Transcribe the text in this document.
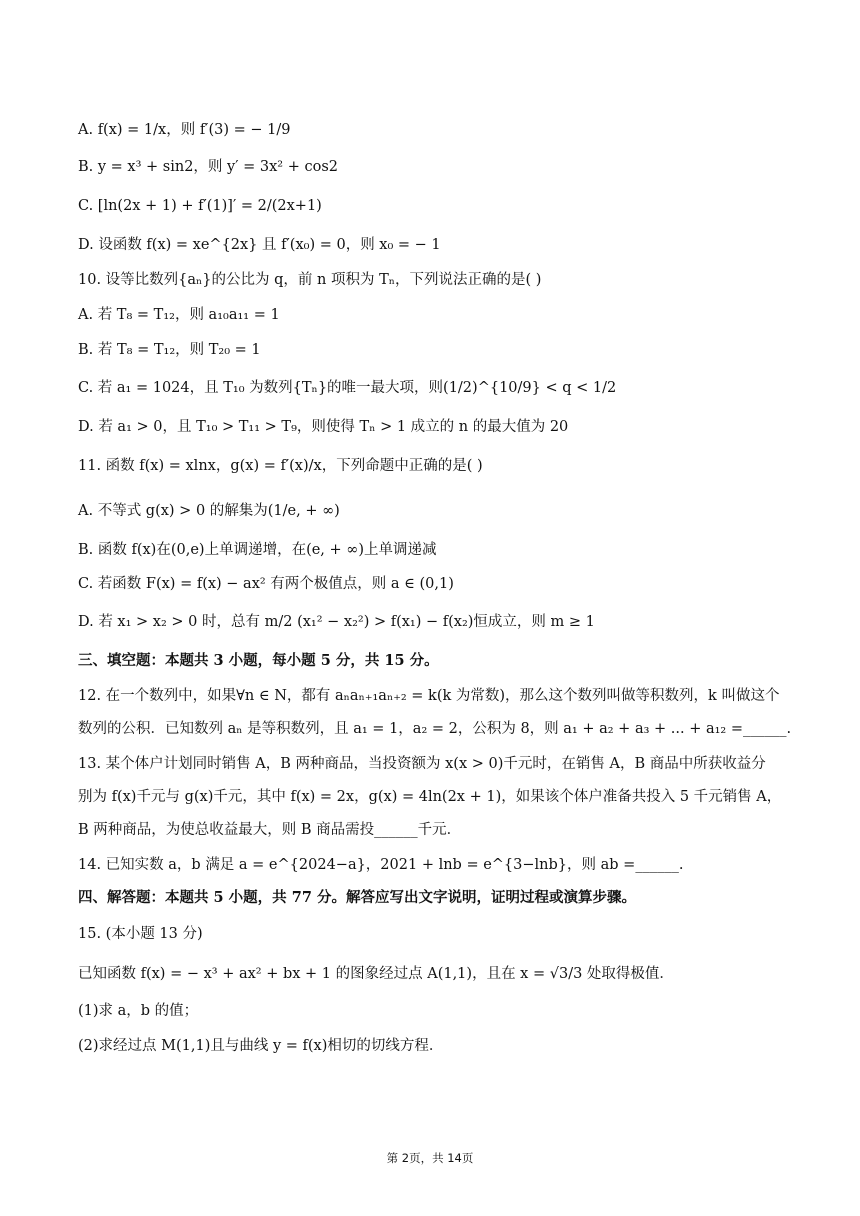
A. f(x) = 1/x，则 f′(3) = − 1/9
B. y = x³ + sin2，则 y′ = 3x² + cos2
C. [ln(2x + 1) + f′(1)]′ = 2/(2x+1)
D. 设函数 f(x) = xe^{2x} 且 f′(x₀) = 0，则 x₀ = − 1
10. 设等比数列{aₙ}的公比为 q，前 n 项积为 Tₙ，下列说法正确的是( )
A. 若 T₈ = T₁₂，则 a₁₀a₁₁ = 1
B. 若 T₈ = T₁₂，则 T₂₀ = 1
C. 若 a₁ = 1024，且 T₁₀ 为数列{Tₙ}的唯一最大项，则(1/2)^{10/9} < q < 1/2
D. 若 a₁ > 0，且 T₁₀ > T₁₁ > T₉，则使得 Tₙ > 1 成立的 n 的最大值为 20
11. 函数 f(x) = xlnx，g(x) = f′(x)/x，下列命题中正确的是( )
A. 不等式 g(x) > 0 的解集为(1/e, + ∞)
B. 函数 f(x)在(0,e)上单调递增，在(e, + ∞)上单调递减
C. 若函数 F(x) = f(x) − ax² 有两个极值点，则 a ∈ (0,1)
D. 若 x₁ > x₂ > 0 时，总有 m/2 (x₁² − x₂²) > f(x₁) − f(x₂)恒成立，则 m ≥ 1
三、填空题：本题共 3 小题，每小题 5 分，共 15 分。
12. 在一个数列中，如果∀n ∈ N，都有 aₙaₙ₊₁aₙ₊₂ = k(k 为常数)，那么这个数列叫做等积数列，k 叫做这个
数列的公积．已知数列 aₙ 是等积数列，且 a₁ = 1，a₂ = 2，公积为 8，则 a₁ + a₂ + a₃ + ... + a₁₂ =______.
13. 某个体户计划同时销售 A，B 两种商品，当投资额为 x(x > 0)千元时，在销售 A，B 商品中所获收益分
别为 f(x)千元与 g(x)千元，其中 f(x) = 2x，g(x) = 4ln(2x + 1)，如果该个体户准备共投入 5 千元销售 A，
B 两种商品，为使总收益最大，则 B 商品需投______千元．
14. 已知实数 a，b 满足 a = e^{2024−a}，2021 + lnb = e^{3−lnb}，则 ab =______.
四、解答题：本题共 5 小题，共 77 分。解答应写出文字说明，证明过程或演算步骤。
15. (本小题 13 分)
已知函数 f(x) = − x³ + ax² + bx + 1 的图象经过点 A(1,1)，且在 x = √3/3 处取得极值．
(1)求 a，b 的值；
(2)求经过点 M(1,1)且与曲线 y = f(x)相切的切线方程．
第 2页，共 14页
